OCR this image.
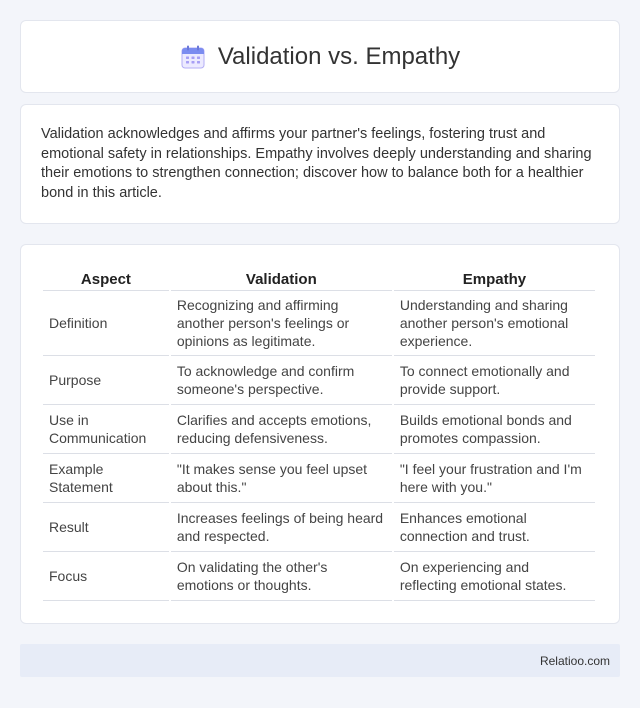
Validation vs. Empathy

Validation acknowledges and affirms your partner's feelings, fostering trust and emotional safety in relationships. Empathy involves deeply understanding and sharing their emotions to strengthen connection; discover how to balance both for a healthier bond in this article.

Aspect	Validation	Empathy
Definition	Recognizing and affirming another person's feelings or opinions as legitimate.	Understanding and sharing another person's emotional experience.
Purpose	To acknowledge and confirm someone's perspective.	To connect emotionally and provide support.
Use in Communication	Clarifies and accepts emotions, reducing defensiveness.	Builds emotional bonds and promotes compassion.
Example Statement	"It makes sense you feel upset about this."	"I feel your frustration and I'm here with you."
Result	Increases feelings of being heard and respected.	Enhances emotional connection and trust.
Focus	On validating the other's emotions or thoughts.	On experiencing and reflecting emotional states.
Relatioo.com
